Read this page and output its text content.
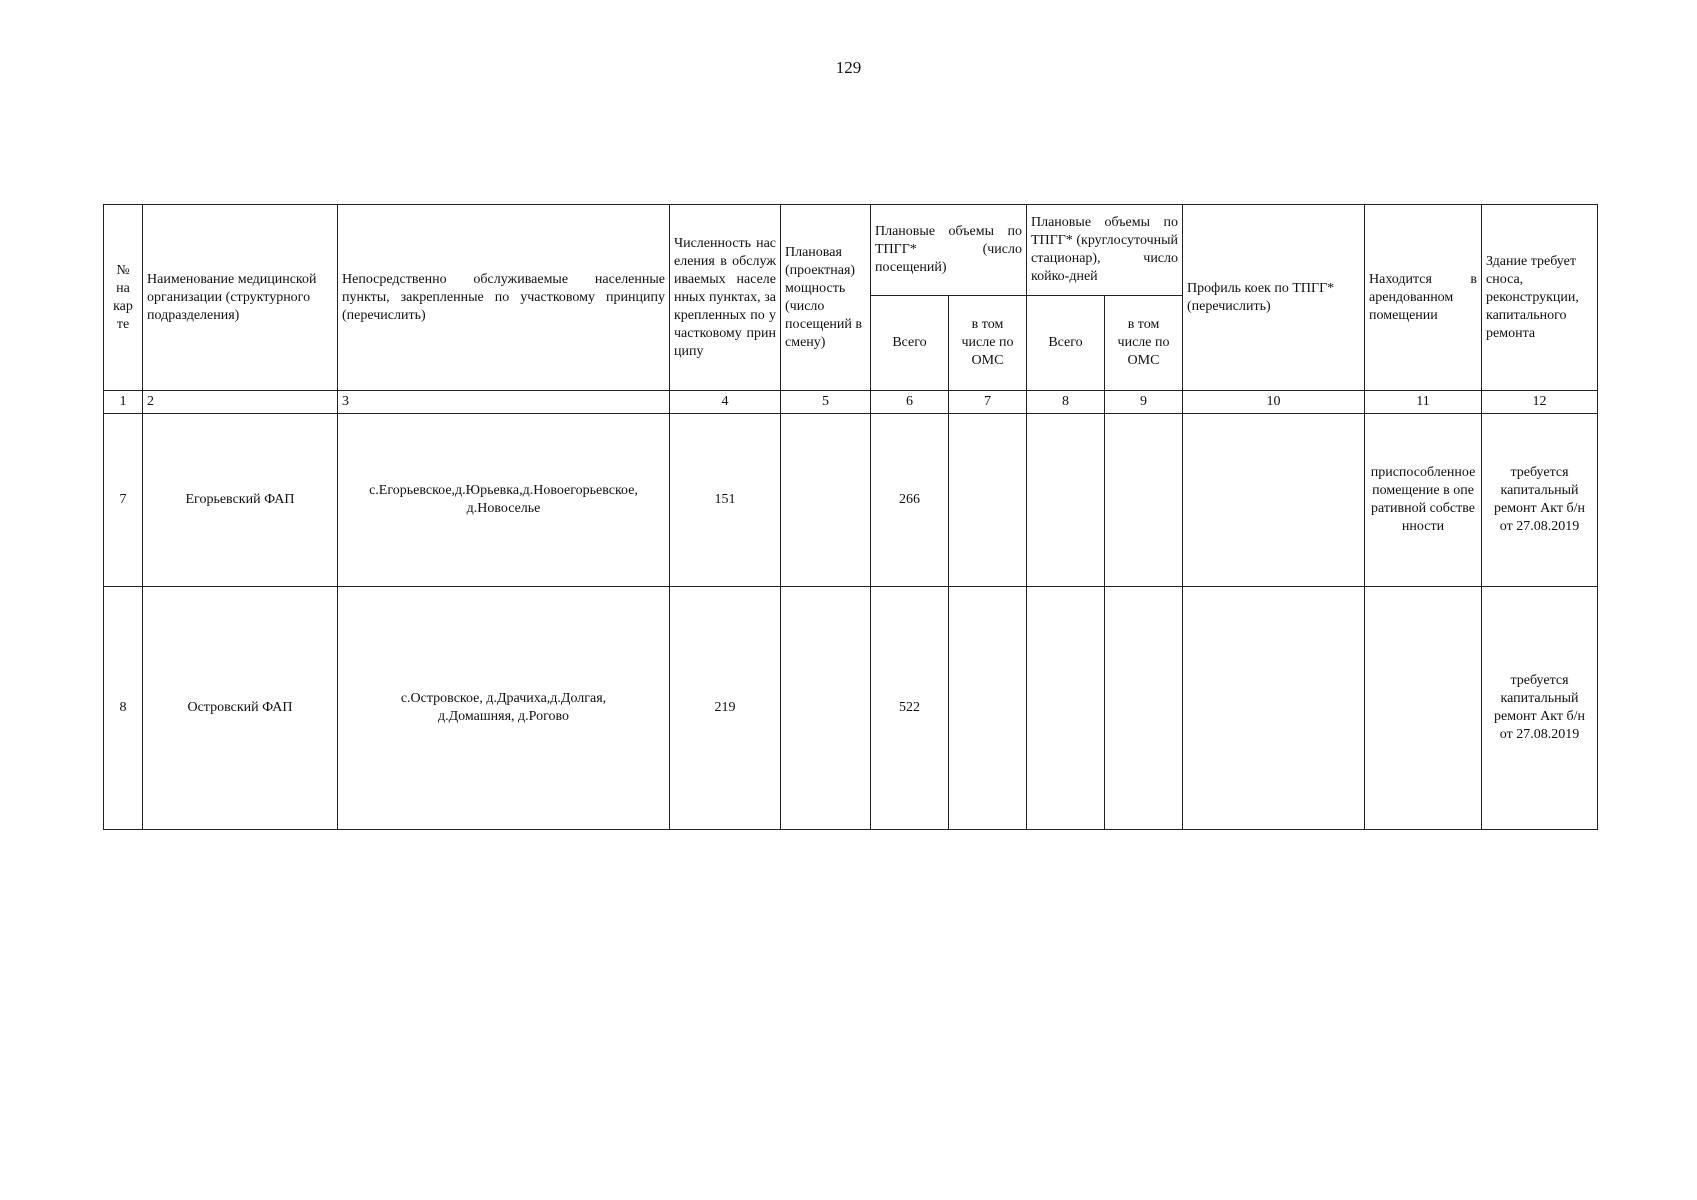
129
№
на
кар
те	Наименование медицинской организации (структурного подразделения)	Непосредственно обслуживаемые населенные пункты, закрепленные по участковому принципу (перечислить)	Численность населения в обслуживаемых населенных пунктах, закрепленных по участковому принципу	Плановая (проектная) мощность (число посещений в смену)	Плановые объемы по ТПГГ* (число посещений)		Плановые объемы по ТПГГ* (круглосуточный стационар), число койко-дней		Профиль коек по ТПГГ* (перечислить)	Находится в арендованном помещении	Здание требует сноса, реконструкции, капитального ремонта
					Всего	в том
числе по
ОМС	Всего	в том
числе по
ОМС			
1	2	3	4	5	6	7	8	9	10	11	12
7	Егорьевский ФАП	с.Егорьевское,д.Юрьевка,д.Новоегорьевское, д.Новоселье	151		266					приспособленное помещение в оперативной собственности	требуется капитальный ремонт Акт б/н от 27.08.2019
8	Островский ФАП	с.Островское, д.Драчиха,д.Долгая, д.Домашняя, д.Рогово	219		522						требуется капитальный ремонт Акт б/н от 27.08.2019
